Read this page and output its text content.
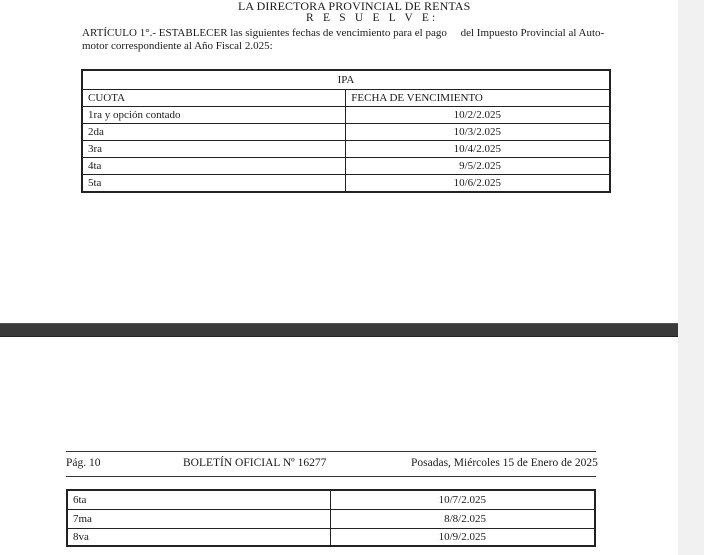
LA DIRECTORA PROVINCIAL DE RENTAS
R E S U E L V E:
ARTÍCULO 1°.- ESTABLECER las siguientes fechas de vencimiento para el pago     del Impuesto Provincial al Auto-
motor correspondiente al Año Fiscal 2.025:
IPA	
CUOTA	FECHA DE VENCIMIENTO
1ra y opción contado	10/2/2.025
2da	10/3/2.025
3ra	10/4/2.025
4ta	9/5/2.025
5ta	10/6/2.025
Pág. 10	BOLETÍN OFICIAL Nº 16277	Posadas, Miércoles 15 de Enero de 2025
6ta	10/7/2.025
7ma	8/8/2.025
8va	10/9/2.025
